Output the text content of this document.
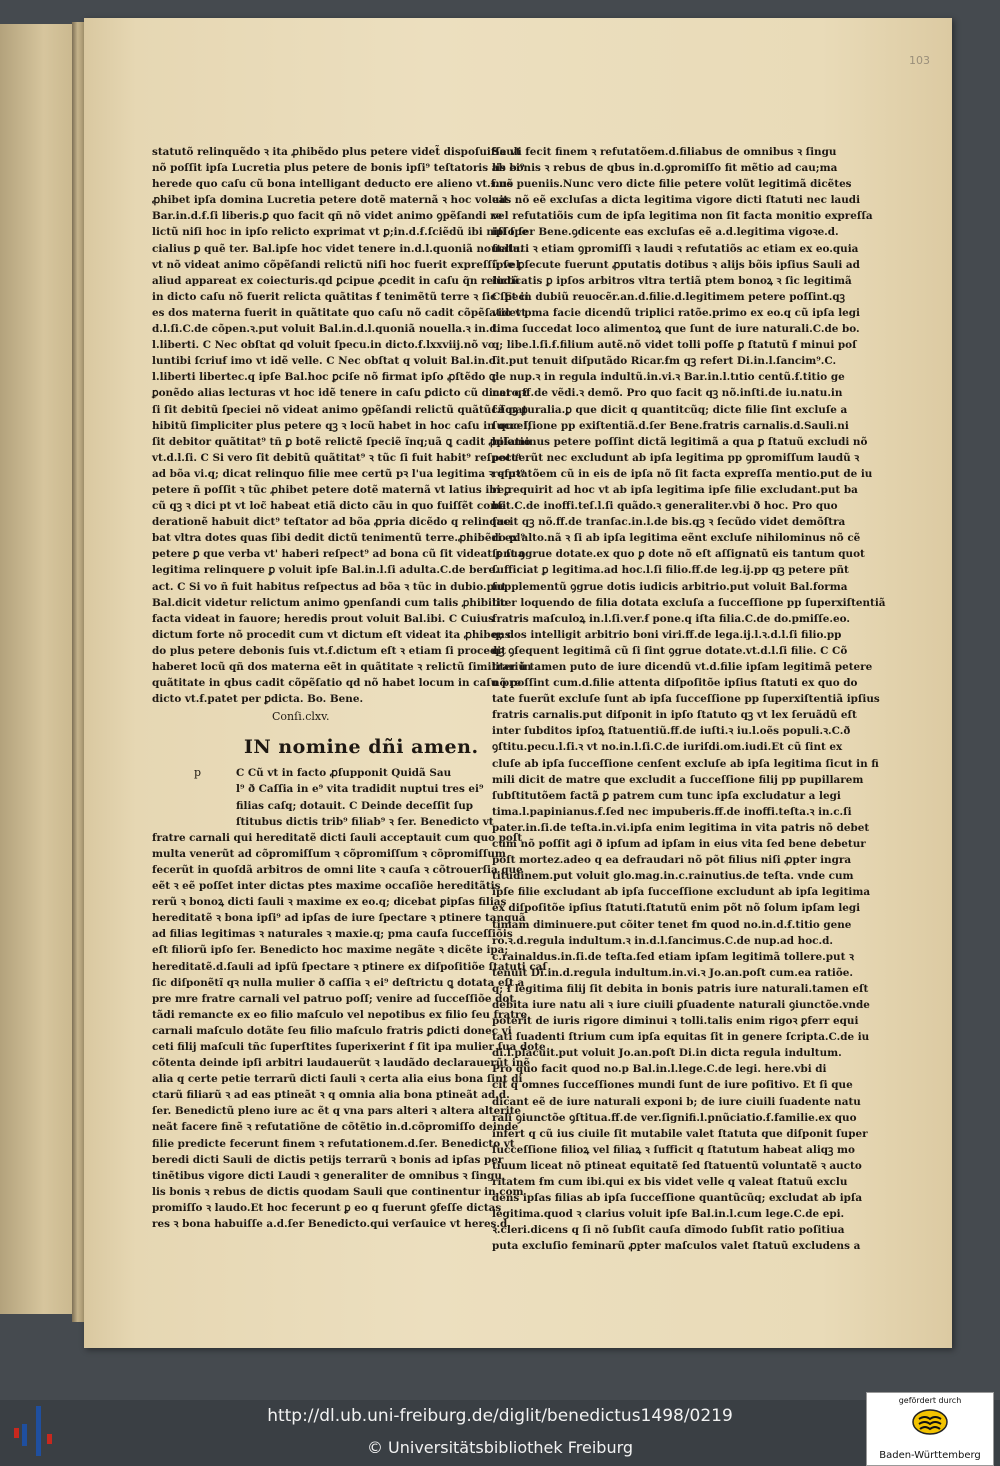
103
statutõ relinquẽdo ꝛ ita ꝓhibẽdo plus petere videt̃ dispoſuiſſe vt
nõ poſſit ipſa Lucretia plus petere de bonis ipſi⁹ teſtatoris ab ei⁹
herede quo caſu cũ bona intelligant deducto ere alieno vt.ẜ.nõ
ꝓhibet ipſa domina Lucretia petere dotẽ maternã ꝛ hoc voluit
Bar.in.d.ẜ.ſi liberis.ꝑ quo facit qñ nõ videt animo ꝯpẽſandi re
lictũ niſi hoc in ipſo relicto exprimat vt ꝑ;in.d.ẜ.ſciẽdũ ibi niſi ſpe
cialius ꝑ quẽ ter. Bal.ipſe hoc videt tenere in.d.l.quoniã nouella.
vt nõ videat animo cõpẽſandi relictũ niſi hoc fuerit expreſſũ vel
aliud appareat ex coiecturis.qd ꝑcipue ꝓcedit in caſu q̃n relictũ
in dicto caſu nõ fuerit relicta quãtitas ẜ tenimẽtũ terre ꝛ ſic ſpeci
es dos materna fuerit in quãtitate quo caſu nõ cadit cõpẽſatio vt
d.l.ſi.C.de cõpen.ꝛ.put voluit Bal.in.d.l.quoniã nouella.ꝛ in.d.
l.liberti. C Nec obſtat qd voluit ſpecu.in dicto.ẜ.lxxviij.nõ vo
luntibi ſcriuẜ imo vt idẽ velle. C Nec obſtat q voluit Bal.in.d.
l.liberti libertec.q ipſe Bal.hoc ꝑciſe nõ firmat ipſo ꝓſtẽdo ꝗ
ꝑonẽdo alias lecturas vt hoc idẽ tenere in caſu ꝑdicto cũ dicat qꝛ
ſi ſit debitũ ſpeciei nõ videat animo ꝯpẽſandi relictũ quãtũcũqꝫ ꝑ
hibitũ ſimpliciter plus petere qꝫ ꝛ locũ habet in hoc caſu in quo l;
ſit debitor quãtitat⁹ tñ ꝑ botẽ relictẽ ſpeciẽ ĩnq;uã ꝗ cadit ꝓpſatio
vt.d.l.ſi. C Si vero ſit debitũ quãtitat⁹ ꝛ tũc ſi fuit habit⁹ reſpect⁹
ad bõa vi.q; dicat relinquo filie mee certũ pꝛ l'ua legitima ꝛ q pꝛ⁹
petere ñ poſſit ꝛ tũc ꝓhibet petere dotẽ maternã vt latius ibi ꝑ
cũ qꝫ ꝛ dici pt vt loc̃ habeat etiã dicto cãu in quo fuiſſẽt conſi
derationẽ habuit dict⁹ teſtator ad bõa ꝓpria dicẽdo q relinque
bat vltra dotes quas ſibi dedit dictũ tenimentũ terre.ꝓhibẽdo pl⁹
petere ꝑ que verba vt' haberi reſpect⁹ ad bona cũ ſit videat ꝑ ſua
legitima relinquere ꝑ voluit ipſe Bal.in.l.ſi adulta.C.de bere.
act. C Si vo ñ fuit habitus reſpectus ad bõa ꝛ tũc in dubio.put
Bal.dicit videtur relictum animo ꝯpenſandi cum talis ꝓhibitio
facta videat in fauore; heredis prout voluit Bal.ibi. C Cuius
dictum forte nõ procedit cum vt dictum eſt videat ita ꝓhibens
do plus petere debonis ſuis vt.ẜ.dictum eſt ꝛ etiam ſi procedit
haberet locũ qñ dos materna eẽt in quãtitate ꝛ relictũ ſimiliter in
quãtitate in qbus cadit cõpẽſatio qd nõ habet locum in caſu pre
dicto vt.ẜ.patet per ꝑdicta. Bo. Bene.
Conſi.clxv.
IN nomine dñi amen.
p	C Cũ vt in facto ꝓſupponit Quidã Sau
l⁹ ð Caſſia in e⁹ vita tradidit nuptui tres ei⁹
filias caſq; dotauit. C Deinde deceſſit ſup
ſtitubus dictis trib⁹ filiab⁹ ꝛ ſer. Benedicto vt
fratre carnali qui hereditatẽ dicti ſauli acceptauit cum quo poſt
multa venerũt ad cõpromiſſum ꝛ cõpromiſſum ꝛ cõpromiſſum
fecerũt in quoſdã arbitros de omni lite ꝛ cauſa ꝛ cõtrouerſia que
eẽt ꝛ eẽ poſſet inter dictas ptes maxime occaſiõe hereditãtis
rerũ ꝛ bonoꝝ dicti ſauli ꝛ maxime ex eo.q; dicebat ꝑipſas filias
hereditatẽ ꝛ bona ipſi⁹ ad ipſas de iure ſpectare ꝛ ptinere tanquã
ad filias legitimas ꝛ naturales ꝛ maxie.q; pma cauſa ſucceſſiõis
eſt filiorũ ipſo ſer. Benedicto hoc maxime negãte ꝛ dicẽte ipa;
hereditatẽ.d.ſauli ad ipſũ ſpectare ꝛ ptinere ex diſpoſitiõe ſtatuti caſ
ſic diſponẽtĩ qꝛ nulla mulier ð caſſia ꝛ ei⁹ deſtrictu ꝗ dotata eſt a
pre mre fratre carnali vel patruo poſſ; venire ad ſucceſſiõe dot
tãdi remancte ex eo filio maſculo vel nepotibus ex filio ſeu fratre
carnali maſculo dotãte ſeu filio maſculo fratris ꝑdicti donec vi
ceti filij maſculi tñc ſuperſtites ſuperixerint ẜ ſit ipa mulier ſua dote
cõtenta deinde ipſi arbitri laudauerũt ꝛ laudãdo declarauerũt inẽ
alia q certe petie terrarũ dicti ſauli ꝛ certa alia eius bona ſint di
ctarũ filiarũ ꝛ ad eas ptineãt ꝛ q omnia alia bona ptineãt ad.d.
ſer. Benedictũ pleno iure ac ẽt q vna pars alteri ꝛ altera alterite
neãt facere finẽ ꝛ refutatiõne de cõtẽtio in.d.cõpromiſſo deinde
filie predicte fecerunt finem ꝛ refutationem.d.ſer. Benedicto vt
beredi dicti Sauli de dictis petijs terrarũ ꝛ bonis ad ipſas per
tinẽtibus vigore dicti Laudi ꝛ generaliter de omnibus ꝛ ſingu
lis bonis ꝛ rebus de dictis quodam Sauli que continentur in com
promiſſo ꝛ laudo.Et hoc fecerunt ꝑ eo q fuerunt ꝯfeſſe dictas
res ꝛ bona habuiſſe a.d.ſer Benedicto.qui verſauice vt heres.d.
Sauli fecit finem ꝛ refutatõem.d.filiabus de omnibus ꝛ ſingu
lis bonis ꝛ rebus de qbus in.d.ꝯpromiſſo fit mẽtio ad cau;ma
nus pueniis.Nunc vero dicte filie petere volũt legitimã dicẽtes
eas nõ eẽ excluſas a dicta legitima vigore dicti ſtatuti nec laudi
vel refutatiõis cum de ipſa legitima non ſit facta monitio expreſſa
ipſo ſer Bene.ꝯdicente eas excluſas eẽ a.d.legitima vigoꝛe.d.
ſtatuti ꝛ etiam ꝯpromiſſi ꝛ laudi ꝛ refutatiõs ac etiam ex eo.quia
ipſe ꝑſecute fuerunt ꝓputatis dotibus ꝛ alijs bõis ipſius Sauli ad
iudicatis ꝑ ipſos arbitros vltra tertiã ptem bonoꝝ ꝛ ſic legitimã
C Et in dubiũ reuocẽr.an.d.filie.d.legitimem petere poſſint.qꝫ
videt pma facie dicendũ triplici ratõe.primo ex eo.q cũ ipſa legi
tima ſuccedat loco alimentoꝝ que ſunt de iure naturali.C.de bo.
q; libe.l.ſi.ẜ.filium autẽ.nõ videt tolli poſſe ꝑ ſtatutũ ẜ minui poſ
ſit.put tenuit diſputãdo Ricar.ẜm qꝫ refert Di.in.l.ſancim⁹.C.
de nup.ꝛ in regula indultũ.in.vi.ꝛ Bar.in.l.tıtio centũ.ẜ.titio ge
nero.ff.de vẽdi.ꝛ demõ. Pro quo facit qꝫ nõ.inſti.de iu.natu.in
ẜ.ẜ naturalia.ꝑ que dicit q quantitcũq; dicte filie ſint excluſe a
ſucceſſione pp exiſtentiã.d.ſer Bene.fratris carnalis.d.Sauli.ni
bilominus petere poſſint dictã legitimã a qua ꝑ ſtatuũ excludi nõ
potuerũt nec excludunt ab ipſa legitima pp ꝯpromiſſum laudũ ꝛ
refutatõem cũ in eis de ipſa nõ ſit facta expreſſa mentio.put de iu
re requirit ad hoc vt ab ipſa legitima ipſe filie excludant.put ba
bet.C.de inoffi.teſ.l.ſi quãdo.ꝛ generaliter.vbi ð hoc. Pro quo
facit qꝫ nõ.ff.de tranſac.in.l.de bis.qꝫ ꝛ ſecũdo videt demõſtra
ri ex alto.nã ꝛ ſi ab ipſa legitima eẽnt excluſe nihilominus nõ cẽ
ſent ꝯgrue dotate.ex quo ꝑ dote nõ eſt aſſignatũ eis tantum quot
ſufficiat ꝑ legitima.ad hoc.l.ſi filio.ff.de leg.ij.pp qꝫ petere pñt
ſupplementũ ꝯgrue dotis iudicis arbitrio.put voluit Bal.forma
liter loquendo de filia dotata excluſa a ſucceſſione pp ſuperxiſtentiã
fratris maſculoꝝ in.l.ſi.ver.ẜ pone.q iſta filia.C.de do.pmiſſe.eo.
q; dos intelligit arbitrio boni viri.ff.de lega.ij.l.ꝛ.d.l.ſi filio.pp
qꝫ ꝯſequent legitimã cũ ſi ſint ꝯgrue dotate.vt.d.l.ſi filie. C Cõ
trariũ tamen puto de iure dicendũ vt.d.filie ipſam legitimã petere
nõ poſſint cum.d.filie attenta diſpoſitõe ipſius ſtatuti ex quo do
tate fuerũt excluſe ſunt ab ipſa ſucceſſione pp ſuperxiſtentiã ipſius
fratris carnalis.put diſponit in ipſo ſtatuto qꝫ vt lex ſeruãdũ eſt
inter ſubditos ipſoꝝ ſtatuentiũ.ff.de iuſti.ꝛ iu.l.oẽs populi.ꝛ.C.ð
ꝯſtitu.pecu.l.ſi.ꝛ vt no.in.l.ſi.C.de iuriſdi.om.iudi.Et cũ ſint ex
cluſe ab ipſa ſucceſſione cenſent excluſe ab ipſa legitima ſicut in fi
mili dicit de matre que excludit a ſucceſſione filij pp pupillarem
ſubſtitutõem factã ꝑ patrem cum tunc ipſa excludatur a legi
tima.l.papinianus.ẜ.ſed nec impuberis.ff.de inoffi.teſta.ꝛ in.c.ſi
pater.in.ſi.de teſta.in.vi.ipſa enim legitima in vita patris nõ debet
cum nõ poſſit agi ð ipſum ad ipſam in eius vita ſed bene debetur
poſt mortez.adeo q ea defraudari nõ põt filius niſi ꝓpter ingra
titudinem.put voluit glo.mag.in.c.rainutius.de teſta. vnde cum
ipſe filie excludant ab ipſa ſucceſſione excludunt ab ipſa legitima
ex diſpoſitõe ipſius ſtatuti.ſtatutũ enim põt nõ ſolum ipſam legi
timam diminuere.put cõiter tenet ẜm quod no.in.d.ẜ.titio gene
ro.ꝛ.d.regula indultum.ꝛ in.d.l.ſancimus.C.de nup.ad hoc.d.
c.rainaldus.in.ſi.de teſta.ſed etiam ipſam legitimã tollere.put ꝛ
tenuit Di.in.d.regula indultum.in.vi.ꝛ Jo.an.poſt cum.ea ratiõe.
q; ẜ legitima filij ſit debita in bonis patris iure naturali.tamen eſt
debita iure natu ali ꝛ iure ciuili ꝑſuadente naturali ꝯiunctõe.vnde
poterit de iuris rigore diminui ꝛ tolli.talis enim rigoꝛ ꝑferr equi
tati ſuadenti ſtrium cum ipſa equitas ſit in genere ſcripta.C.de iu
di.l.placuit.put voluit Jo.an.poſt Di.in dicta regula indultum.
Pro quo facit quod no.p Bal.in.l.lege.C.de legi. here.vbi di
cit q omnes ſucceſſiones mundi ſunt de iure poſitivo. Et ſi que
dicant eẽ de iure naturali exponi b; de iure ciuili ſuadente natu
rali ꝯiunctõe ꝯſtitua.ff.de ver.ſignifi.l.pnũciatio.ẜ.familie.ex quo
infert q cũ ius ciuile ſit mutabile valet ſtatuta que diſponit ſuper
ſucceſſione filioꝝ vel filiaꝝ ꝛ ſufficit q ſtatutum habeat aliqꝫ mo
tiuum liceat nõ ptineat equitatẽ ſed ſtatuentũ voluntatẽ ꝛ aucto
ritatem ẜm cum ibi.qui ex bis videt velle q valeat ſtatuũ exclu
dens ipſas filias ab ipſa ſucceſſione quantũcũq; excludat ab ipſa
legitima.quod ꝛ clarius voluit ipſe Bal.in.l.cum lege.C.de epi.
ꝛ.cleri.dicens q ſi nõ ſubſit cauſa dĩmodo ſubſit ratio poſitiua
puta excluſio feminarũ ꝓpter maſculos valet ſtatuũ excludens a
http://dl.ub.uni-freiburg.de/diglit/benedictus1498/0219
© Universitätsbibliothek Freiburg
gefördert durch
Baden-Württemberg
